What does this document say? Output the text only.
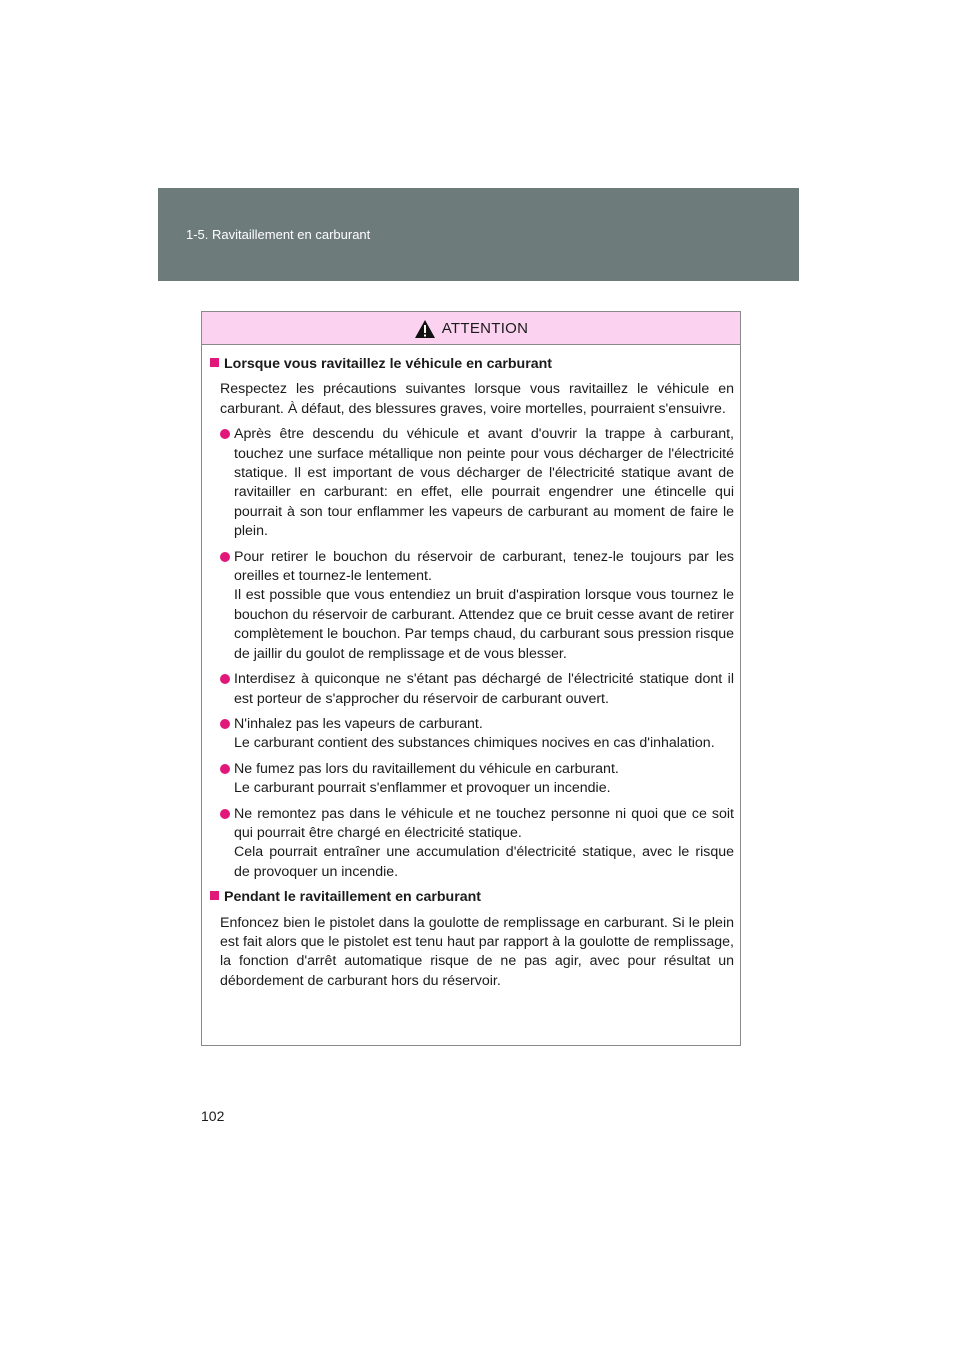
1-5. Ravitaillement en carburant
ATTENTION
Lorsque vous ravitaillez le véhicule en carburant

Respectez les précautions suivantes lorsque vous ravitaillez le véhicule en carburant. À défaut, des blessures graves, voire mortelles, pourraient s'ensuivre.

Après être descendu du véhicule et avant d'ouvrir la trappe à carburant, touchez une surface métallique non peinte pour vous décharger de l'électricité statique. Il est important de vous décharger de l'électricité statique avant de ravitailler en carburant: en effet, elle pourrait engendrer une étincelle qui pourrait à son tour enflammer les vapeurs de carburant au moment de faire le plein.

Pour retirer le bouchon du réservoir de carburant, tenez-le toujours par les oreilles et tournez-le lentement.

Il est possible que vous entendiez un bruit d'aspiration lorsque vous tournez le bouchon du réservoir de carburant. Attendez que ce bruit cesse avant de retirer complètement le bouchon. Par temps chaud, du carburant sous pression risque de jaillir du goulot de remplissage et de vous blesser.

Interdisez à quiconque ne s'étant pas déchargé de l'électricité statique dont il est porteur de s'approcher du réservoir de carburant ouvert.

N'inhalez pas les vapeurs de carburant.

Le carburant contient des substances chimiques nocives en cas d'inhalation.

Ne fumez pas lors du ravitaillement du véhicule en carburant.

Le carburant pourrait s'enflammer et provoquer un incendie.

Ne remontez pas dans le véhicule et ne touchez personne ni quoi que ce soit qui pourrait être chargé en électricité statique.

Cela pourrait entraîner une accumulation d'électricité statique, avec le risque de provoquer un incendie.

Pendant le ravitaillement en carburant

Enfoncez bien le pistolet dans la goulotte de remplissage en carburant. Si le plein est fait alors que le pistolet est tenu haut par rapport à la goulotte de remplissage, la fonction d'arrêt automatique risque de ne pas agir, avec pour résultat un débordement de carburant hors du réservoir.

102
